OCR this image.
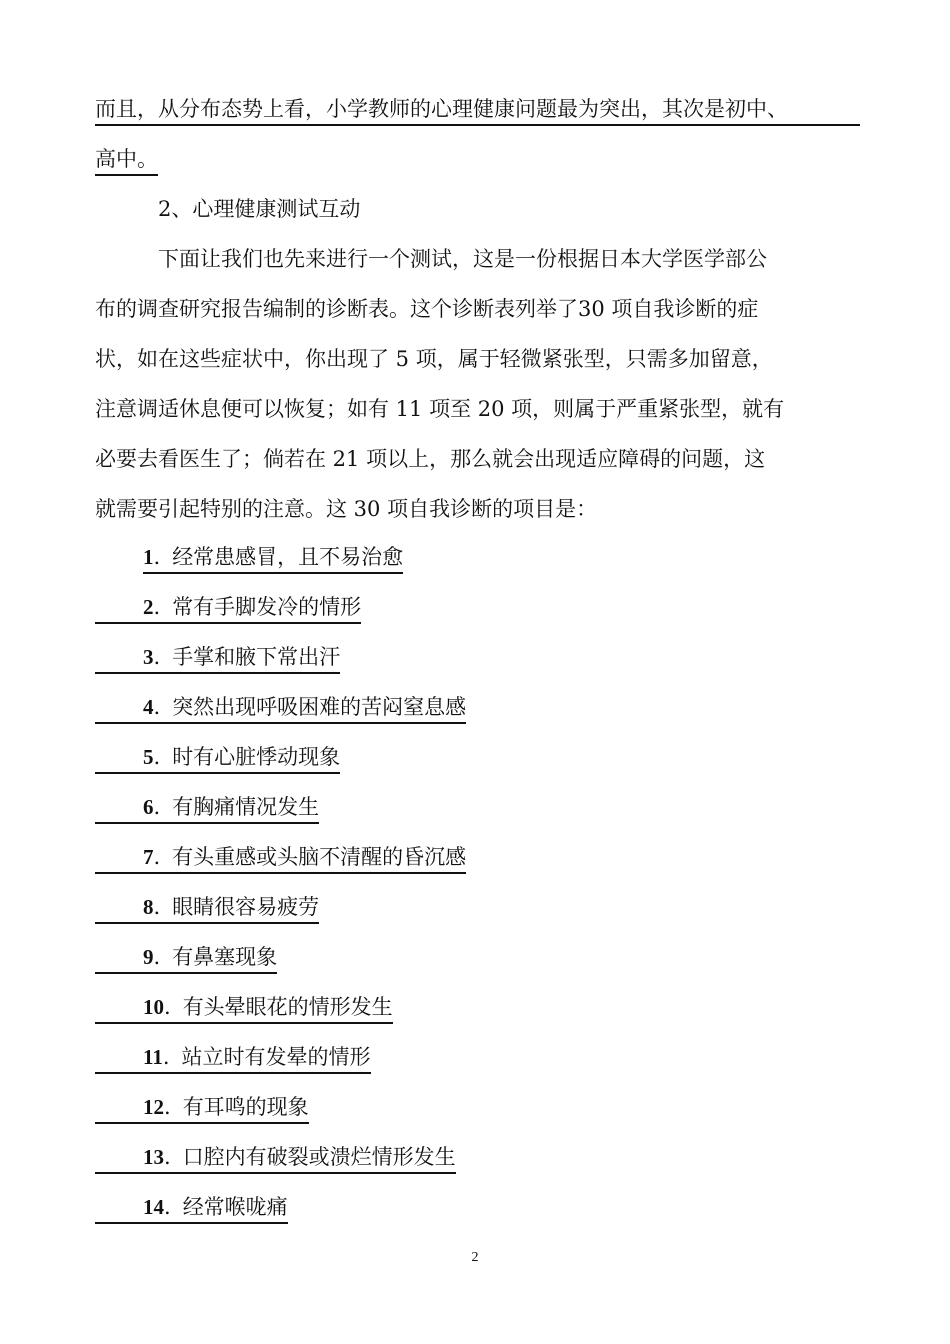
而且，从分布态势上看，小学教师的心理健康问题最为突出，其次是初中、
高中。
2、心理健康测试互动
下面让我们也先来进行一个测试，这是一份根据日本大学医学部公
布的调查研究报告编制的诊断表。这个诊断表列举了30 项自我诊断的症
状，如在这些症状中，你出现了 5 项，属于轻微紧张型，只需多加留意，
注意调适休息便可以恢复；如有 11 项至 20 项，则属于严重紧张型，就有
必要去看医生了；倘若在 21 项以上，那么就会出现适应障碍的问题，这
就需要引起特别的注意。这 30 项自我诊断的项目是：
1. 经常患感冒，且不易治愈
2. 常有手脚发冷的情形
3. 手掌和腋下常出汗
4. 突然出现呼吸困难的苦闷窒息感
5. 时有心脏悸动现象
6. 有胸痛情况发生
7. 有头重感或头脑不清醒的昏沉感
8. 眼睛很容易疲劳
9. 有鼻塞现象
10. 有头晕眼花的情形发生
11. 站立时有发晕的情形
12. 有耳鸣的现象
13. 口腔内有破裂或溃烂情形发生
14. 经常喉咙痛
2
